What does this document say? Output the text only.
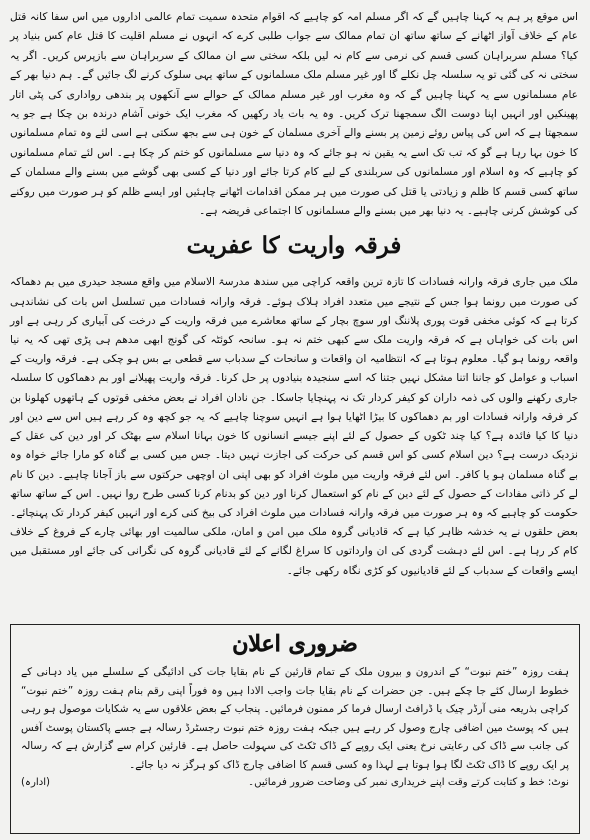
اس موقع پر ہم یہ کہنا چاہیں گے کہ اگر مسلم امہ کو چاہیے کہ اقوام متحدہ سمیت تمام عالمی اداروں میں اس سفا کانہ قتل عام کے خلاف آواز اٹھانے کے ساتھ ساتھ ان تمام ممالک سے جواب طلبی کرے کہ انہوں نے مسلم اقلیت کا قتل عام کس بنیاد پر کیا؟ مسلم سربراہان کسی قسم کی نرمی سے کام نہ لیں بلکہ سختی سے ان ممالک کے سربراہان سے بازپرس کریں۔ اگر یہ سختی نہ کی گئی تو یہ سلسلہ چل نکلے گا اور غیر مسلم ملک مسلمانوں کے ساتھ یہی سلوک کرنے لگ جائیں گے۔ ہم دنیا بھر کے عام مسلمانوں سے یہ کہنا چاہیں گے کہ وہ مغرب اور غیر مسلم ممالک کے حوالے سے آنکھوں پر بندھی رواداری کی پٹی اتار پھینکیں اور انہیں اپنا دوست الگ سمجھنا ترک کریں۔ وہ یہ بات یاد رکھیں کہ مغرب ایک خونی آشام درندہ بن چکا ہے جو یہ سمجھتا ہے کہ اس کی پیاس روئے زمین پر بسنے والے آخری مسلمان کے خون ہی سے بجھ سکتی ہے اسی لئے وہ تمام مسلمانوں کا خون بہا رہا ہے گو کہ تب تک اسے یہ یقین نہ ہو جائے کہ وہ دنیا سے مسلمانوں کو ختم کر چکا ہے۔ اس لئے تمام مسلمانوں کو چاہیے کہ وہ اسلام اور مسلمانوں کی سربلندی کے لیے کام کرتا جائے اور دنیا کے کسی بھی گوشے میں بسنے والے مسلمان کے ساتھ کسی قسم کا ظلم و زیادتی یا قتل کی صورت میں ہر ممکن اقدامات اٹھانے چاہئیں اور ایسے ظلم کو ہر صورت میں روکنے کی کوشش کرنی چاہیے۔ یہ دنیا بھر میں بسنے والے مسلمانوں کا اجتماعی فریضہ ہے۔

فرقہ واریت کا عفریت

ملک میں جاری فرقہ وارانہ فسادات کا تازہ ترین واقعہ کراچی میں سندھ مدرسۃ الاسلام میں واقع مسجد حیدری میں بم دھماکہ کی صورت میں رونما ہوا جس کے نتیجے میں متعدد افراد ہلاک ہوئے۔ فرقہ وارانہ فسادات میں تسلسل اس بات کی نشاندہی کرتا ہے کہ کوئی مخفی قوت پوری پلاننگ اور سوچ بچار کے ساتھ معاشرے میں فرقہ واریت کے درخت کی آبیاری کر رہی ہے اور اس بات کی خواہاں ہے کہ فرقہ واریت ملک سے کبھی ختم نہ ہو۔ سانحہ کوئٹہ کی گونج ابھی مدھم ہی پڑی تھی کہ یہ نیا واقعہ رونما ہو گیا۔ معلوم ہوتا ہے کہ انتظامیہ ان واقعات و سانحات کے سدباب سے قطعی بے بس ہو چکی ہے۔ فرقہ واریت کے اسباب و عوامل کو جاننا اتنا مشکل نہیں جتنا کہ اسے سنجیدہ بنیادوں پر حل کرنا۔ فرقہ واریت پھیلانے اور بم دھماکوں کا سلسلہ جاری رکھنے والوں کی ذمہ داران کو کیفر کردار تک نہ پہنچایا جاسکا۔ جن نادان افراد نے بعض مخفی قوتوں کے ہاتھوں کھلونا بن کر فرقہ وارانہ فسادات اور بم دھماکوں کا بیڑا اٹھایا ہوا ہے انہیں سوچنا چاہیے کہ یہ جو کچھ وہ کر رہے ہیں اس سے دین اور دنیا کا کیا فائدہ ہے؟ کیا چند ٹکوں کے حصول کے لئے اپنے جیسے انسانوں کا خون بہانا اسلام سے بھٹک کر اور دین کی عقل کے نزدیک درست ہے؟ دین اسلام کسی کو اس قسم کی حرکت کی اجازت نہیں دیتا۔ جس میں کسی بے گناہ کو مارا جائے خواہ وہ بے گناہ مسلمان ہو یا کافر۔ اس لئے فرقہ واریت میں ملوث افراد کو بھی اپنی ان اوچھی حرکتوں سے باز آجانا چاہیے۔ دین کا نام لے کر ذاتی مفادات کے حصول کے لئے دین کے نام کو استعمال کرنا اور دین کو بدنام کرنا کسی طرح روا نہیں۔ اس کے ساتھ ساتھ حکومت کو چاہیے کہ وہ ہر صورت میں فرقہ وارانہ فسادات میں ملوث افراد کی بیخ کنی کرے اور انہیں کیفر کردار تک پہنچائے۔ بعض حلقوں نے یہ خدشہ ظاہر کیا ہے کہ قادیانی گروہ ملک میں امن و امان، ملکی سالمیت اور بھائی چارے کے فروغ کے خلاف کام کر رہا ہے۔ اس لئے دہشت گردی کی ان وارداتوں کا سراغ لگانے کے لئے قادیانی گروہ کی نگرانی کی جائے اور مستقبل میں ایسے واقعات کے سدباب کے لئے قادیانیوں کو کڑی نگاہ رکھی جائے۔

ضروری اعلان

ہفت روزہ ”ختم نبوت“ کے اندرون و بیرون ملک کے تمام قارئین کے نام بقایا جات کی ادائیگی کے سلسلے میں یاد دہانی کے خطوط ارسال کئے جا چکے ہیں۔ جن حضرات کے نام بقایا جات واجب الادا ہیں وہ فوراً اپنی رقم بنام ہفت روزہ ”ختم نبوت“ کراچی بذریعہ منی آرڈر چیک یا ڈرافٹ ارسال فرما کر ممنون فرمائیں۔ پنجاب کے بعض علاقوں سے یہ شکایات موصول ہو رہی ہیں کہ پوسٹ مین اضافی چارج وصول کر رہے ہیں جبکہ ہفت روزہ ختم نبوت رجسٹرڈ رسالہ ہے جسے پاکستان پوسٹ آفس کی جانب سے ڈاک کی رعایتی نرخ یعنی ایک روپے کے ڈاک ٹکٹ کی سہولت حاصل ہے۔ قارئین کرام سے گزارش ہے کہ رسالہ پر ایک روپے کا ڈاک ٹکٹ لگا ہوا ہوتا ہے لہذا وہ کسی قسم کا اضافی چارج ڈاک کو ہرگز نہ دیا جائے۔

نوٹ: خط و کتابت کرتے وقت اپنے خریداری نمبر کی وضاحت ضرور فرمائیں۔
(ادارہ)
